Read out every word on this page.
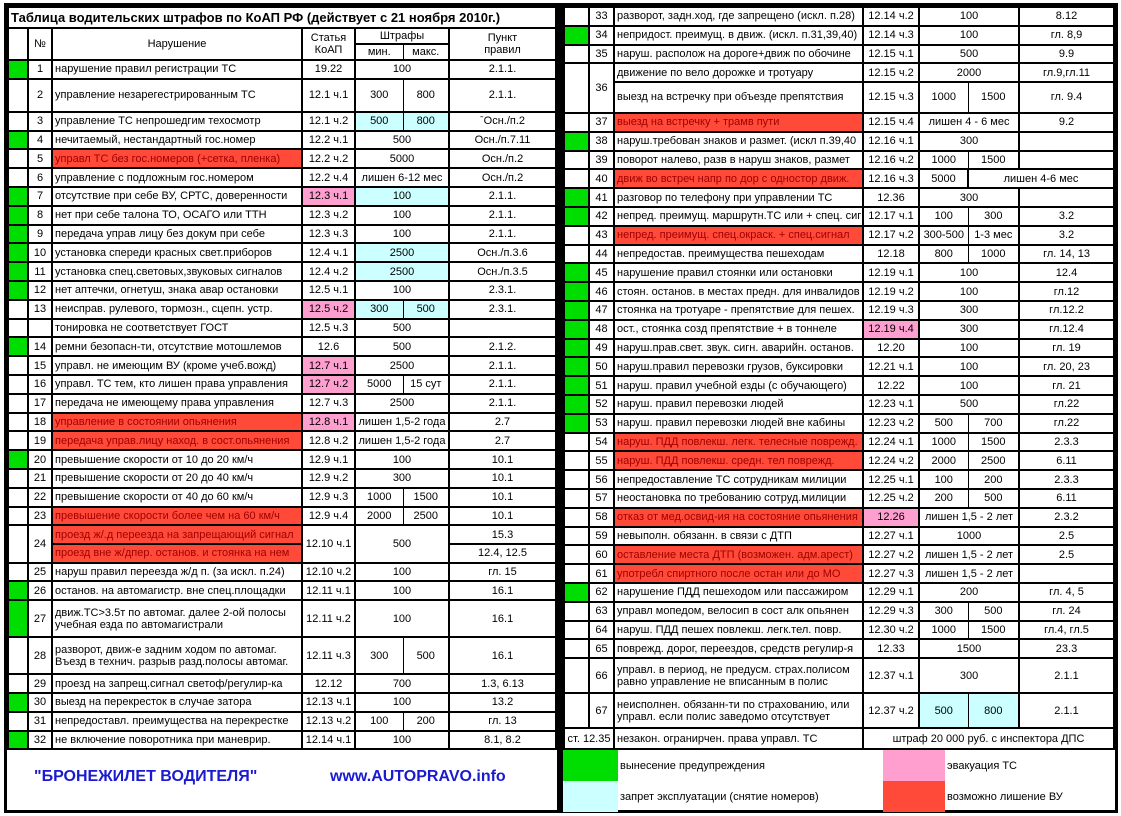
Таблица водительских штрафов по КоАП РФ (действует с 21 ноября 2010г.)						
	№	Нарушение	Статья
КоАП	Штрафы		Пункт
правил
				мин.	макс.	
	1	нарушение правил регистрации ТС	19.22	100		2.1.1.
	2	управление незарегестрированным ТС	12.1 ч.1	300	800	2.1.1.
	3	управление ТС непрошедгим техосмотр	12.1 ч.2	500	800	ˉОсн./п.2
	4	нечитаемый, нестандартный гос.номер	12.2 ч.1	500		Осн./п.7.11
	5	управл ТС без гос.номеров (+сетка, пленка)	12.2 ч.2	5000		Осн./п.2
	6	управление с подложным гос.номером	12.2 ч.4	лишен 6-12 мес		Осн./п.2
	7	отсутствие при себе ВУ, СРТС, доверенности	12.3 ч.1	100		2.1.1.
	8	нет при себе талона ТО, ОСАГО или ТТН	12.3 ч.2	100		2.1.1.
	9	передача управ лицу без докум при себе	12.3 ч.3	100		2.1.1.
	10	установка спереди красных свет.приборов	12.4 ч.1	2500		Осн./п.3.6
	11	установка спец.световых,звуковых сигналов	12.4 ч.2	2500		Осн./п.3.5
	12	нет аптечки, огнетуш, знака авар остановки	12.5 ч.1	100		2.3.1.
	13	неисправ. рулевого, тормозн., сцепн. устр.	12.5 ч.2	300	500	2.3.1.
		тонировка не соответствует ГОСТ	12.5 ч.3	500		
	14	ремни безопасн-ти, отсутствие мотошлемов	12.6	500		2.1.2.
	15	управл. не имеющим ВУ (кроме учеб.вожд)	12.7 ч.1	2500		2.1.1.
	16	управл. ТС тем, кто лишен права управления	12.7 ч.2	5000	15 сут	2.1.1.
	17	передача не имеющему права управления	12.7 ч.3	2500		2.1.1.
	18	управление в состоянии опьянения	12.8 ч.1	лишен 1,5-2 года		2.7
	19	передача управ.лицу наход. в сост.опьянения	12.8 ч.2	лишен 1,5-2 года		2.7
	20	превышение скорости от 10 до 20 км/ч	12.9 ч.1	100		10.1
	21	превышение скорости от 20 до 40 км/ч	12.9 ч.2	300		10.1
	22	превышение скорости от 40 до 60 км/ч	12.9 ч.3	1000	1500	10.1
	23	превышение скорости более чем на 60 км/ч	12.9 ч.4	2000	2500	10.1
	24	проезд ж/.д переезда на запрещающий сигнал	12.10 ч.1	500		15.3
		проезд вне ж/дпер. останов. и стоянка на нем				12.4, 12.5
	25	наруш правил переезда ж/д п. (за искл. п.24)	12.10 ч.2	100		гл. 15
	26	останов. на автомагистр. вне спец.площадки	12.11 ч.1	100		16.1
	27	движ.ТС>3.5т по автомаг. далее 2-ой полосы
учебная езда по автомагистрали	12.11 ч.2	100		16.1
	28	разворот, движ-е задним ходом по автомаг.
Въезд в технич. разрыв разд.полосы автомаг.	12.11 ч.3	300	500	16.1
	29	проезд на запрещ.сигнал светоф/регулир-ка	12.12	700		1.3, 6.13
	30	выезд на перекресток в случае затора	12.13 ч.1	100		13.2
	31	непредоставл. преимущества на перекрестке	12.13 ч.2	100	200	гл. 13
	32	не включение поворотника при маневрир.	12.14 ч.1	100		8.1, 8.2
"БРОНЕЖИЛЕТ ВОДИТЕЛЯ"	www.AUTOPRAVO.info
	33	разворот, задн.ход, где запрещено (искл. п.28)	12.14 ч.2	100		8.12
	34	непридост. преимущ. в движ. (искл. п.31,39,40)	12.14 ч.3	100		гл. 8,9
	35	наруш. располож на дороге+движ по обочине	12.15 ч.1	500		9.9
	36	движение по вело дорожке и тротуару	12.15 ч.2	2000		гл.9,гл.11
		выезд на встречку при объезде препятствия	12.15 ч.3	1000	1500	гл. 9.4
	37	выезд на встречку + трамв пути	12.15 ч.4	лишен 4 - 6 мес		9.2
	38	наруш.требован знаков и размет. (искл п.39,40	12.16 ч.1	300		
	39	поворот налево, разв в наруш знаков, размет	12.16 ч.2	1000	1500	
	40	движ во встреч напр по дор с одностор движ.	12.16 ч.3	5000	лишен 4-6 мес	
	41	разговор по телефону при управлении ТС	12.36	300		
	42	непред. преимущ. маршрутн.ТС или + спец. сиг	12.17 ч.1	100	300	3.2
	43	непред. преимущ. спец.окраск. + спец.сигнал	12.17 ч.2	300-500	1-3 мес	3.2
	44	непредостав. преимущества пешеходам	12.18	800	1000	гл. 14, 13
	45	нарушение правил стоянки или остановки	12.19 ч.1	100		12.4
	46	стоян. останов. в местах предн. для инвалидов	12.19 ч.2	100		гл.12
	47	стоянка на тротуаре - препятствие для пешех.	12.19 ч.3	300		гл.12.2
	48	ост., стоянка созд препятствие + в тоннеле	12.19 ч.4	300		гл.12.4
	49	наруш.прав.свет. звук. сигн. аварийн. останов.	12.20	100		гл. 19
	50	наруш.правил перевозки грузов, буксировки	12.21 ч.1	100		гл. 20, 23
	51	наруш. правил учебной езды (с обучающего)	12.22	100		гл. 21
	52	наруш. правил перевозки людей	12.23 ч.1	500		гл.22
	53	наруш. правил перевозки людей вне кабины	12.23 ч.2	500	700	гл.22
	54	наруш. ПДД повлекш. легк. телесные поврежд.	12.24 ч.1	1000	1500	2.3.3
	55	наруш. ПДД повлекш. средн. тел поврежд.	12.24 ч.2	2000	2500	6.11
	56	непредоставление ТС сотрудникам милиции	12.25 ч.1	100	200	2.3.3
	57	неостановка по требованию сотруд.милиции	12.25 ч.2	200	500	6.11
	58	отказ от мед.освид-ия на состояние опьянения	12.26	лишен 1,5 - 2 лет		2.3.2
	59	невыполн. обязанн. в связи с ДТП	12.27 ч.1	1000		2.5
	60	оставление места ДТП (возможен. адм.арест)	12.27 ч.2	лишен 1,5 - 2 лет		2.5
	61	употребл спиртного после остан или до МО	12.27 ч.3	лишен 1,5 - 2 лет		
	62	нарушение ПДД пешеходом или пассажиром	12.29 ч.1	200		гл. 4, 5
	63	управл мопедом, велосип в сост алк опьянен	12.29 ч.3	300	500	гл. 24
	64	наруш. ПДД пешех повлекш. легк.тел. повр.	12.30 ч.2	1000	1500	гл.4, гл.5
	65	поврежд. дорог, переездов, средств регулир-я	12.33	1500		23.3
	66	управл. в период, не предусм. страх.полисом
равно управление не вписанным в полис	12.37 ч.1	300		2.1.1
	67	неисполнен. обязанн-ти по страхованию, или
управл. если полис заведомо отсутствует	12.37 ч.2	500	800	2.1.1
ст. 12.35		незакон. огранирчен. права управл. ТС	штраф 20 000 руб. с инспектора ДПС			
	вынесение предупреждения		эвакуация ТС
	запрет эксплуатации (снятие номеров)		возможно лишение ВУ
